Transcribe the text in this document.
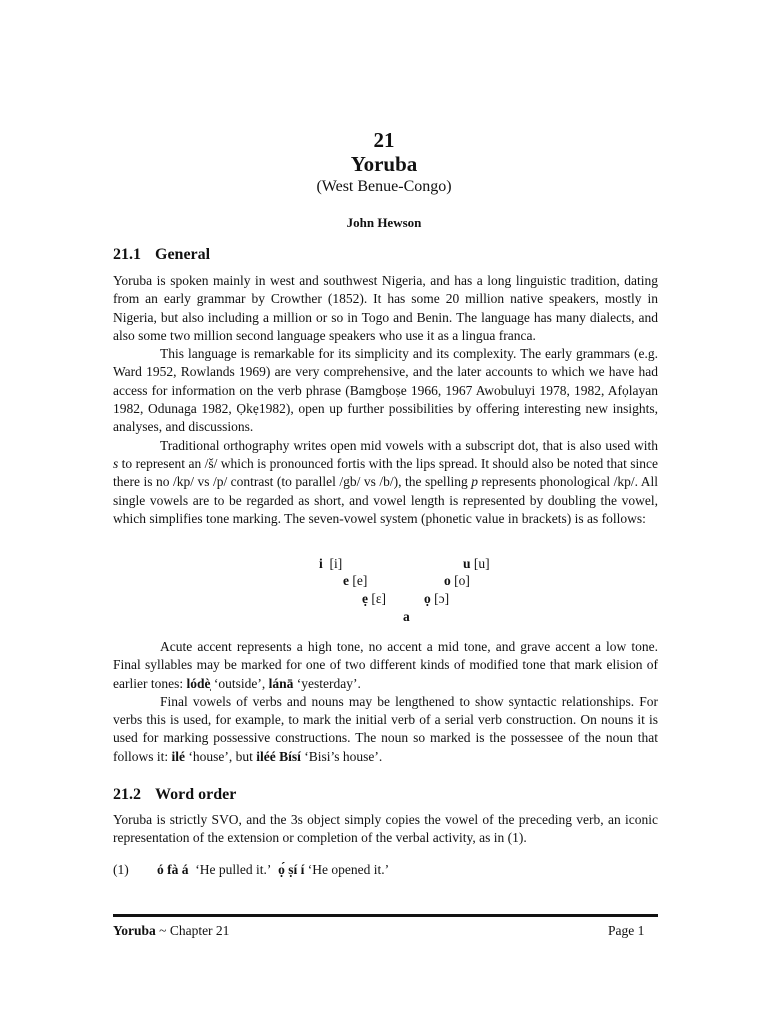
21
Yoruba
(West Benue-Congo)
John Hewson
21.1 General

Yoruba is spoken mainly in west and southwest Nigeria, and has a long linguistic tradition, dating from an early grammar by Crowther (1852). It has some 20 million native speakers, mostly in Nigeria, but also including a million or so in Togo and Benin. The language has many dialects, and also some two million second language speakers who use it as a lingua franca.

This language is remarkable for its simplicity and its complexity. The early grammars (e.g. Ward 1952, Rowlands 1969) are very comprehensive, and the later accounts to which we have had access for information on the verb phrase (Bamgboṣe 1966, 1967 Awobuluyi 1978, 1982, Afọlayan 1982, Odunaga 1982, Ọkẹ1982), open up further possibilities by offering interesting new insights, analyses, and discussions.

Traditional orthography writes open mid vowels with a subscript dot, that is also used with s to represent an /š/ which is pronounced fortis with the lips spread. It should also be noted that since there is no /kp/ vs /p/ contrast (to parallel /gb/ vs /b/), the spelling p represents phonological /kp/. All single vowels are to be regarded as short, and vowel length is represented by doubling the vowel, which simplifies tone marking. The seven-vowel system (phonetic value in brackets) is as follows:

i [i]	u [u]
e [e]	o [o]
ẹ [ɛ]	ọ [ɔ]
a

Acute accent represents a high tone, no accent a mid tone, and grave accent a low tone. Final syllables may be marked for one of two different kinds of modified tone that mark elision of earlier tones: lódè̩ ‘outside’, lánā ‘yesterday’.

Final vowels of verbs and nouns may be lengthened to show syntactic relationships. For verbs this is used, for example, to mark the initial verb of a serial verb construction. On nouns it is used for marking possessive constructions. The noun so marked is the possessee of the noun that follows it: ilé ‘house’, but iléé Bísí ‘Bisi’s house’.

21.2 Word order

Yoruba is strictly SVO, and the 3s object simply copies the vowel of the preceding verb, an iconic representation of the extension or completion of the verbal activity, as in (1).

(1) ó fà á ‘He pulled it.’ ọ́ ṣí í ‘He opened it.’
Yoruba ~ Chapter 21	Page 1
